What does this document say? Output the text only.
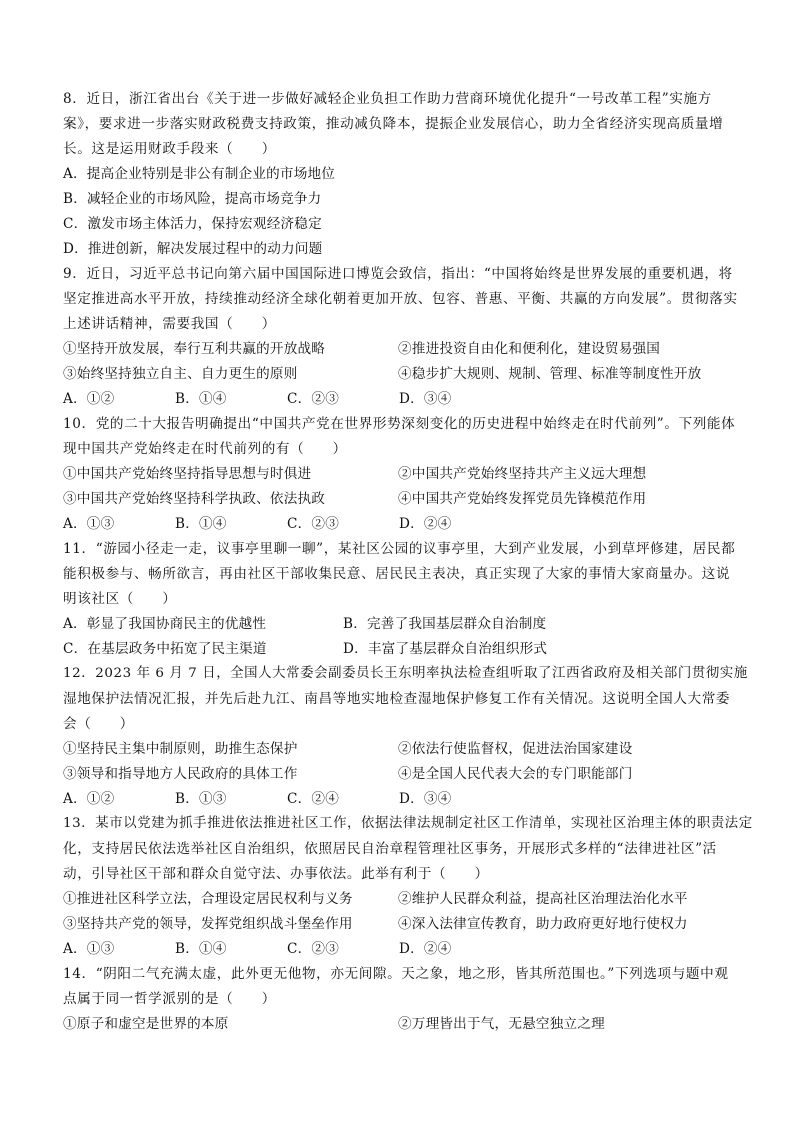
8．近日，浙江省出台《关于进一步做好减轻企业负担工作助力营商环境优化提升“一号改革工程”实施方
案》，要求进一步落实财政税费支持政策，推动减负降本，提振企业发展信心，助力全省经济实现高质量增
长。这是运用财政手段来（　　）
A．提高企业特别是非公有制企业的市场地位
B．减轻企业的市场风险，提高市场竞争力
C．激发市场主体活力，保持宏观经济稳定
D．推进创新，解决发展过程中的动力问题
9．近日，习近平总书记向第六届中国国际进口博览会致信，指出：“中国将始终是世界发展的重要机遇，将
坚定推进高水平开放，持续推动经济全球化朝着更加开放、包容、普惠、平衡、共赢的方向发展”。贯彻落实
上述讲话精神，需要我国（　　）
①坚持开放发展，奉行互利共赢的开放战略	②推进投资自由化和便利化，建设贸易强国
③始终坚持独立自主、自力更生的原则	④稳步扩大规则、规制、管理、标准等制度性开放
A．①②	B．①④	C．②③	D．③④
10．党的二十大报告明确提出“中国共产党在世界形势深刻变化的历史进程中始终走在时代前列”。下列能体
现中国共产党始终走在时代前列的有（　　）
①中国共产党始终坚持指导思想与时俱进	②中国共产党始终坚持共产主义远大理想
③中国共产党始终坚持科学执政、依法执政	④中国共产党始终发挥党员先锋模范作用
A．①③	B．①④	C．②③	D．②④
11．“游园小径走一走，议事亭里聊一聊”，某社区公园的议事亭里，大到产业发展，小到草坪修建，居民都
能积极参与、畅所欲言，再由社区干部收集民意、居民民主表决，真正实现了大家的事情大家商量办。这说
明该社区（　　）
A．彰显了我国协商民主的优越性	B．完善了我国基层群众自治制度
C．在基层政务中拓宽了民主渠道	D．丰富了基层群众自治组织形式
12．2023 年 6 月 7 日，全国人大常委会副委员长王东明率执法检查组听取了江西省政府及相关部门贯彻实施
湿地保护法情况汇报，并先后赴九江、南昌等地实地检查湿地保护修复工作有关情况。这说明全国人大常委
会（　　）
①坚持民主集中制原则，助推生态保护	②依法行使监督权，促进法治国家建设
③领导和指导地方人民政府的具体工作	④是全国人民代表大会的专门职能部门
A．①②	B．①③	C．②④	D．③④
13．某市以党建为抓手推进依法推进社区工作，依据法律法规制定社区工作清单，实现社区治理主体的职责法定
化，支持居民依法选举社区自治组织，依照居民自治章程管理社区事务，开展形式多样的“法律进社区”活
动，引导社区干部和群众自觉守法、办事依法。此举有利于（　　）
①推进社区科学立法，合理设定居民权利与义务	②维护人民群众利益，提高社区治理法治化水平
③坚持共产党的领导，发挥党组织战斗堡垒作用	④深入法律宣传教育，助力政府更好地行使权力
A．①③	B．①④	C．②③	D．②④
14．“阴阳二气充满太虚，此外更无他物，亦无间隙。天之象，地之形，皆其所范围也。”下列选项与题中观
点属于同一哲学派别的是（　　）
①原子和虚空是世界的本原	②万理皆出于气，无悬空独立之理
